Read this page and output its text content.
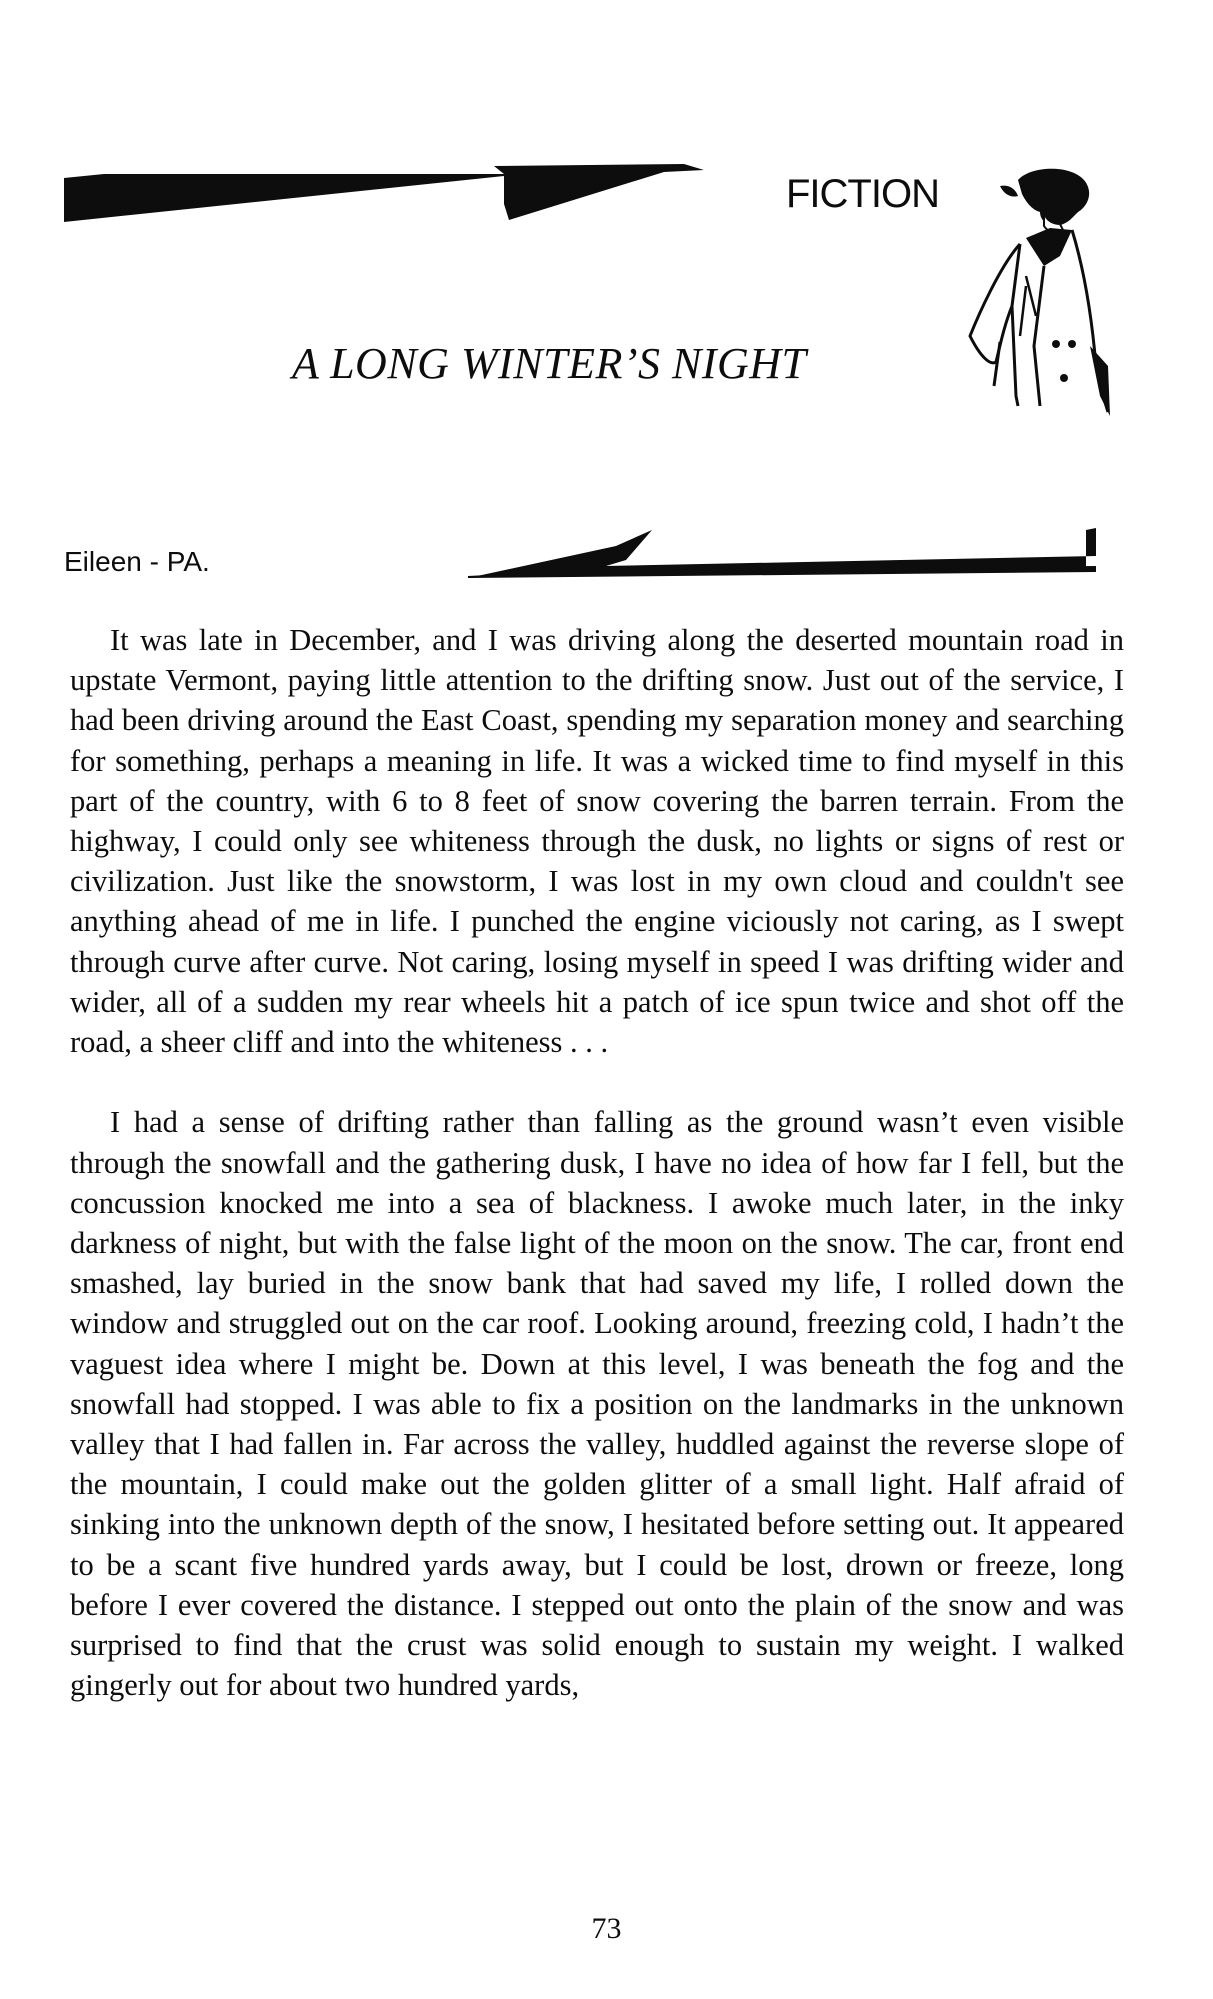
FICTION
A LONG WINTER’S NIGHT
Eileen - PA.

It was late in December, and I was driving along the deserted mountain road in upstate Vermont, paying little attention to the drifting snow. Just out of the service, I had been driving around the East Coast, spending my separation money and searching for something, perhaps a meaning in life. It was a wicked time to find myself in this part of the country, with 6 to 8 feet of snow covering the barren terrain. From the highway, I could only see whiteness through the dusk, no lights or signs of rest or civilization. Just like the snowstorm, I was lost in my own cloud and couldn't see anything ahead of me in life. I punched the engine viciously not caring, as I swept through curve after curve. Not caring, losing myself in speed I was drifting wider and wider, all of a sudden my rear wheels hit a patch of ice spun twice and shot off the road, a sheer cliff and into the whiteness . . .

I had a sense of drifting rather than falling as the ground wasn’t even visible through the snowfall and the gathering dusk, I have no idea of how far I fell, but the concussion knocked me into a sea of blackness. I awoke much later, in the inky darkness of night, but with the false light of the moon on the snow. The car, front end smashed, lay buried in the snow bank that had saved my life, I rolled down the window and struggled out on the car roof. Looking around, freezing cold, I hadn’t the vaguest idea where I might be. Down at this level, I was beneath the fog and the snowfall had stopped. I was able to fix a position on the landmarks in the unknown valley that I had fallen in. Far across the valley, huddled against the reverse slope of the mountain, I could make out the golden glitter of a small light. Half afraid of sinking into the unknown depth of the snow, I hesitated before setting out. It appeared to be a scant five hundred yards away, but I could be lost, drown or freeze, long before I ever covered the distance. I stepped out onto the plain of the snow and was surprised to find that the crust was solid enough to sustain my weight. I walked gingerly out for about two hundred yards,

73
